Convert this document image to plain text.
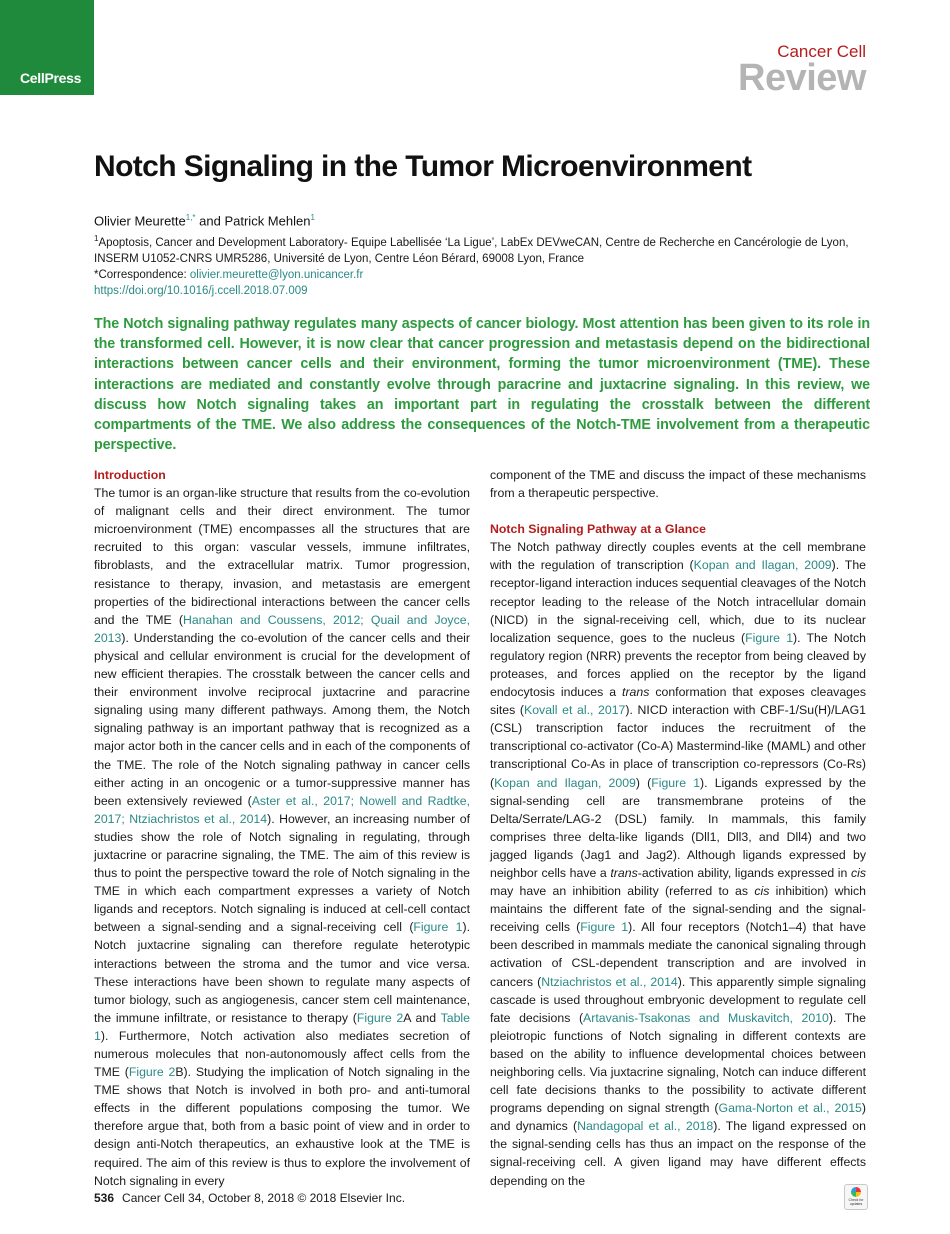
CellPress
Cancer Cell
Review
Notch Signaling in the Tumor Microenvironment
Olivier Meurette$^{1,*}$ and Patrick Mehlen$^1$
$^1$Apoptosis, Cancer and Development Laboratory- Equipe Labellisée ‘La Ligue’, LabEx DEVweCAN, Centre de Recherche en Cancérologie de Lyon, INSERM U1052-CNRS UMR5286, Université de Lyon, Centre Léon Bérard, 69008 Lyon, France
*Correspondence: olivier.meurette@lyon.unicancer.fr
https://doi.org/10.1016/j.ccell.2018.07.009
The Notch signaling pathway regulates many aspects of cancer biology. Most attention has been given to its role in the transformed cell. However, it is now clear that cancer progression and metastasis depend on the bidirectional interactions between cancer cells and their environment, forming the tumor microenvironment (TME). These interactions are mediated and constantly evolve through paracrine and juxtacrine signaling. In this review, we discuss how Notch signaling takes an important part in regulating the crosstalk between the different compartments of the TME. We also address the consequences of the Notch-TME involvement from a therapeutic perspective.

Introduction

The tumor is an organ-like structure that results from the co-evolution of malignant cells and their direct environment. The tumor microenvironment (TME) encompasses all the structures that are recruited to this organ: vascular vessels, immune infiltrates, fibroblasts, and the extracellular matrix. Tumor progression, resistance to therapy, invasion, and metastasis are emergent properties of the bidirectional interactions between the cancer cells and the TME (Hanahan and Coussens, 2012; Quail and Joyce, 2013). Understanding the co-evolution of the cancer cells and their physical and cellular environment is crucial for the development of new efficient therapies. The crosstalk between the cancer cells and their environment involve reciprocal juxtacrine and paracrine signaling using many different pathways. Among them, the Notch signaling pathway is an important pathway that is recognized as a major actor both in the cancer cells and in each of the components of the TME. The role of the Notch signaling pathway in cancer cells either acting in an oncogenic or a tumor-suppressive manner has been extensively reviewed (Aster et al., 2017; Nowell and Radtke, 2017; Ntziachristos et al., 2014). However, an increasing number of studies show the role of Notch signaling in regulating, through juxtacrine or paracrine signaling, the TME. The aim of this review is thus to point the perspective toward the role of Notch signaling in the TME in which each compartment expresses a variety of Notch ligands and receptors. Notch signaling is induced at cell-cell contact between a signal-sending and a signal-receiving cell (Figure 1). Notch juxtacrine signaling can therefore regulate heterotypic interactions between the stroma and the tumor and vice versa. These interactions have been shown to regulate many aspects of tumor biology, such as angiogenesis, cancer stem cell maintenance, the immune infiltrate, or resistance to therapy (Figure 2A and Table 1). Furthermore, Notch activation also mediates secretion of numerous molecules that non-autonomously affect cells from the TME (Figure 2B). Studying the implication of Notch signaling in the TME shows that Notch is involved in both pro- and anti-tumoral effects in the different populations composing the tumor. We therefore argue that, both from a basic point of view and in order to design anti-Notch therapeutics, an exhaustive look at the TME is required. The aim of this review is thus to explore the involvement of Notch signaling in every

component of the TME and discuss the impact of these mechanisms from a therapeutic perspective.

Notch Signaling Pathway at a Glance

The Notch pathway directly couples events at the cell membrane with the regulation of transcription (Kopan and Ilagan, 2009). The receptor-ligand interaction induces sequential cleavages of the Notch receptor leading to the release of the Notch intracellular domain (NICD) in the signal-receiving cell, which, due to its nuclear localization sequence, goes to the nucleus (Figure 1). The Notch regulatory region (NRR) prevents the receptor from being cleaved by proteases, and forces applied on the receptor by the ligand endocytosis induces a trans conformation that exposes cleavages sites (Kovall et al., 2017). NICD interaction with CBF-1/Su(H)/LAG1 (CSL) transcription factor induces the recruitment of the transcriptional co-activator (Co-A) Mastermind-like (MAML) and other transcriptional Co-As in place of transcription co-repressors (Co-Rs) (Kopan and Ilagan, 2009) (Figure 1). Ligands expressed by the signal-sending cell are transmembrane proteins of the Delta/Serrate/LAG-2 (DSL) family. In mammals, this family comprises three delta-like ligands (Dll1, Dll3, and Dll4) and two jagged ligands (Jag1 and Jag2). Although ligands expressed by neighbor cells have a trans-activation ability, ligands expressed in cis may have an inhibition ability (referred to as cis inhibition) which maintains the different fate of the signal-sending and the signal-receiving cells (Figure 1). All four receptors (Notch1–4) that have been described in mammals mediate the canonical signaling through activation of CSL-dependent transcription and are involved in cancers (Ntziachristos et al., 2014). This apparently simple signaling cascade is used throughout embryonic development to regulate cell fate decisions (Artavanis-Tsakonas and Muskavitch, 2010). The pleiotropic functions of Notch signaling in different contexts are based on the ability to influence developmental choices between neighboring cells. Via juxtacrine signaling, Notch can induce different cell fate decisions thanks to the possibility to activate different programs depending on signal strength (Gama-Norton et al., 2015) and dynamics (Nandagopal et al., 2018). The ligand expressed on the signal-sending cells has thus an impact on the response of the signal-receiving cell. A given ligand may have different effects depending on the

536 Cancer Cell 34, October 8, 2018 © 2018 Elsevier Inc.	Check for updates
